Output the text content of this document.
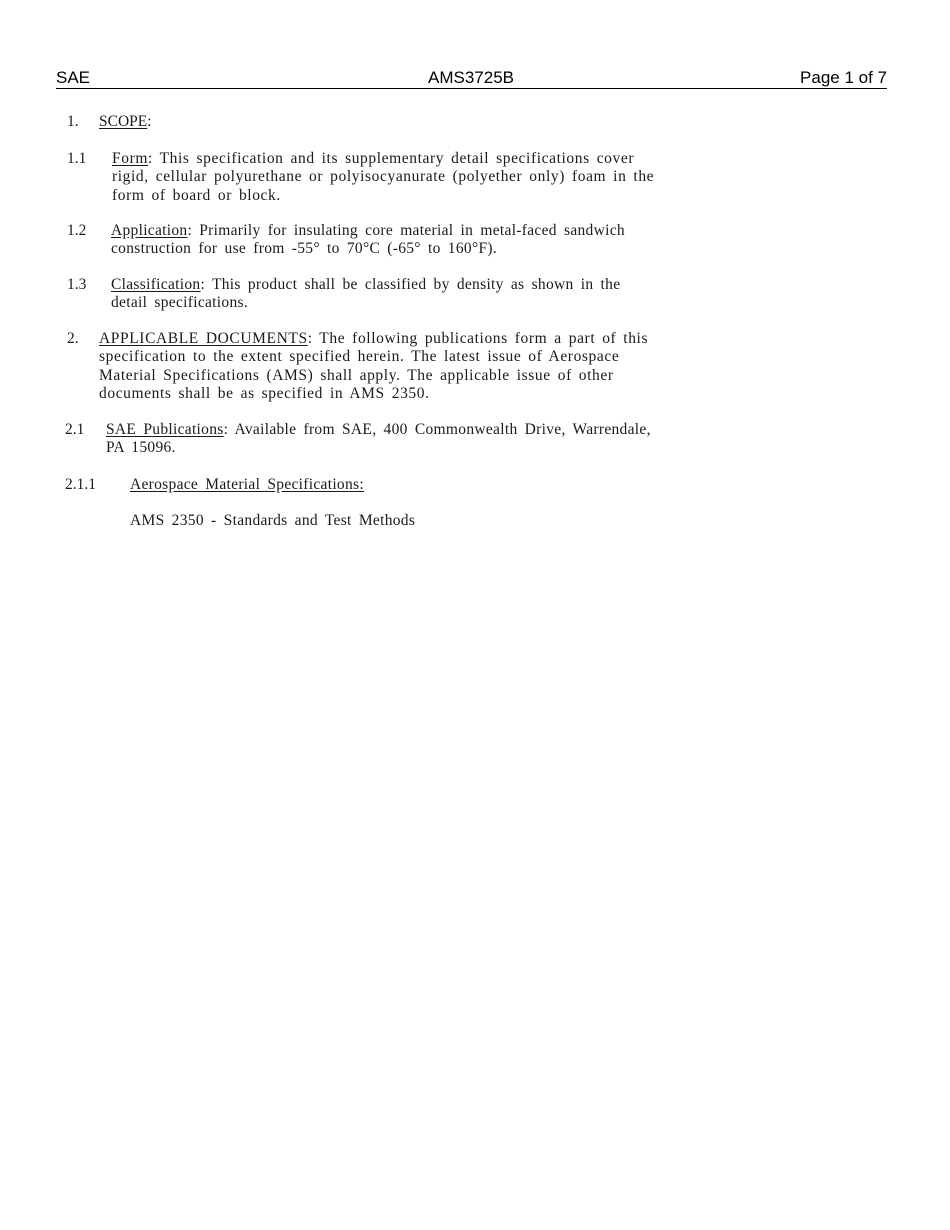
SAE	AMS3725B	Page 1 of 7
1. SCOPE:
1.1 Form: This specification and its supplementary detail specifications cover
rigid, cellular polyurethane or polyisocyanurate (polyether only) foam in the
form of board or block.
1.2 Application: Primarily for insulating core material in metal-faced sandwich
construction for use from -55° to 70°C (-65° to 160°F).
1.3 Classification: This product shall be classified by density as shown in the
detail specifications.
2. APPLICABLE DOCUMENTS: The following publications form a part of this
specification to the extent specified herein. The latest issue of Aerospace
Material Specifications (AMS) shall apply. The applicable issue of other
documents shall be as specified in AMS 2350.
2.1 SAE Publications: Available from SAE, 400 Commonwealth Drive, Warrendale,
PA 15096.
2.1.1 Aerospace Material Specifications:
AMS 2350 - Standards and Test Methods
